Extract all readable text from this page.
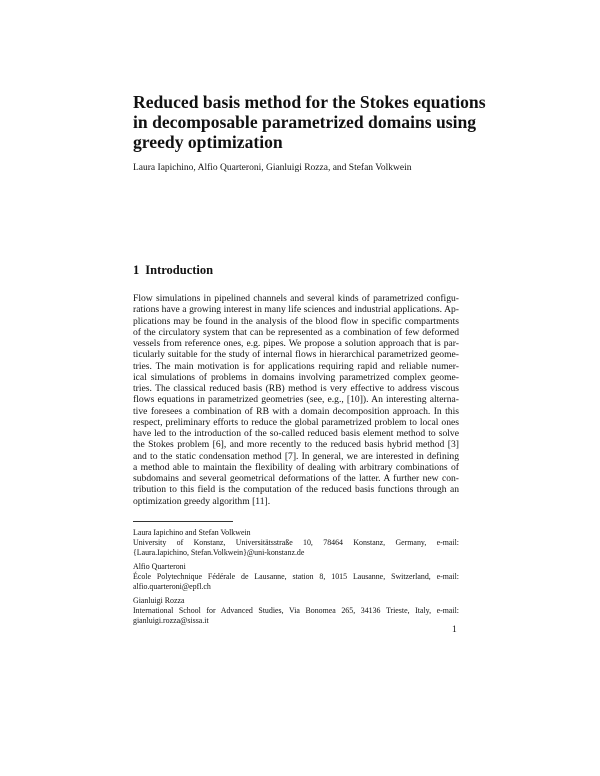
Reduced basis method for the Stokes equations
in decomposable parametrized domains using
greedy optimization

Laura Iapichino, Alfio Quarteroni, Gianluigi Rozza, and Stefan Volkwein

1 Introduction

Flow simulations in pipelined channels and several kinds of parametrized configu-
rations have a growing interest in many life sciences and industrial applications. Ap-
plications may be found in the analysis of the blood flow in specific compartments
of the circulatory system that can be represented as a combination of few deformed
vessels from reference ones, e.g. pipes. We propose a solution approach that is par-
ticularly suitable for the study of internal flows in hierarchical parametrized geome-
tries. The main motivation is for applications requiring rapid and reliable numer-
ical simulations of problems in domains involving parametrized complex geome-
tries. The classical reduced basis (RB) method is very effective to address viscous
flows equations in parametrized geometries (see, e.g., [10]). An interesting alterna-
tive foresees a combination of RB with a domain decomposition approach. In this
respect, preliminary efforts to reduce the global parametrized problem to local ones
have led to the introduction of the so-called reduced basis element method to solve
the Stokes problem [6], and more recently to the reduced basis hybrid method [3]
and to the static condensation method [7]. In general, we are interested in defining
a method able to maintain the flexibility of dealing with arbitrary combinations of
subdomains and several geometrical deformations of the latter. A further new con-
tribution to this field is the computation of the reduced basis functions through an
optimization greedy algorithm [11].

Laura Iapichino and Stefan Volkwein
University of Konstanz, Universitätsstraße 10, 78464 Konstanz, Germany, e-mail:
{Laura.Iapichino, Stefan.Volkwein}@uni-konstanz.de
Alfio Quarteroni
École Polytechnique Fédérale de Lausanne, station 8, 1015 Lausanne, Switzerland, e-mail:
alfio.quarteroni@epfl.ch
Gianluigi Rozza
International School for Advanced Studies, Via Bonomea 265, 34136 Trieste, Italy, e-mail:
gianluigi.rozza@sissa.it

1
